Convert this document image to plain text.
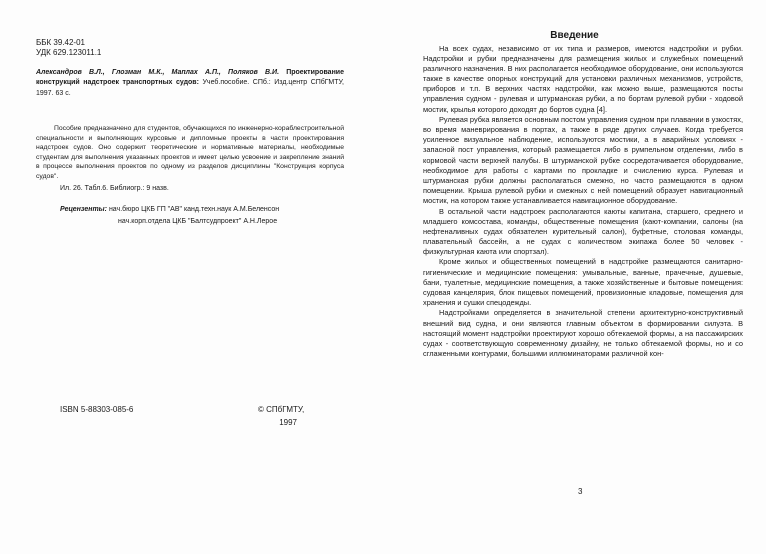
ББК 39.42-01
УДК 629.123011.1
Александров В.Л., Глозман М.К., Маплах А.П., Поляков В.И. Проектирование конструкций надстроек транспортных судов: Учеб.пособие. СПб.: Изд.центр СПбГМТУ, 1997. 63 с.

Пособие предназначено для студентов, обучающихся по инженерно-кораблестроительной специальности и выполняющих курсовые и дипломные проекты в части проектирования надстроек судов. Оно содержит теоретические и нормативные материалы, необходимые студентам для выполнения указанных проектов и имеет целью усвоение и закрепление знаний в процессе выполнения проектов по одному из разделов дисциплины "Конструкция корпуса судов".

Ил. 26. Табл.6. Библиогр.: 9 назв.
Рецензенты: нач.бюро ЦКБ ГП "АВ" канд.техн.наук А.М.Беленсон
нач.корп.отдела ЦКБ "Балтсудпроект" А.Н.Лерое
ISBN 5-88303-085-6	© СПбГМТУ,
1997
Введение

На всех судах, независимо от их типа и размеров, имеются надстройки и рубки. Надстройки и рубки предназначены для размещения жилых и служебных помещений различного назначения. В них располагается необходимое оборудование, они используются также в качестве опорных конструкций для установки различных механизмов, устройств, приборов и т.п. В верхних частях надстройки, как можно выше, размещаются посты управления судном - рулевая и штурманская рубки, а по бортам рулевой рубки - ходовой мостик, крылья которого доходят до бортов судна [4].

Рулевая рубка является основным постом управления судном при плавании в узкостях, во время маневрирования в портах, а также в ряде других случаев. Когда требуется усиленное визуальное наблюдение, используются мостики, а в аварийных условиях - запасной пост управления, который размещается либо в румпельном отделении, либо в кормовой части верхней палубы. В штурманской рубке сосредотачивается оборудование, необходимое для работы с картами по прокладке и счислению курса. Рулевая и штурманская рубки должны располагаться смежно, но часто размещаются в одном помещении. Крыша рулевой рубки и смежных с ней помещений образует навигационный мостик, на котором также устанавливается навигационное оборудование.

В остальной части надстроек располагаются каюты капитана, старшего, среднего и младшего комсостава, команды, общественные помещения (кают-компании, салоны (на нефтеналивных судах обязателен курительный салон), буфетные, столовая команды, плавательный бассейн, а не судах с количеством экипажа более 50 человек - физкультурная каюта или спортзал).

Кроме жилых и общественных помещений в надстройке размещаются санитарно-гигиенические и медицинские помещения: умывальные, ванные, прачечные, душевые, бани, туалетные, медицинские помещения, а также хозяйственные и бытовые помещения: судовая канцелярия, блок пищевых помещений, провизионные кладовые, помещения для хранения и сушки спецодежды.

Надстройками определяется в значительной степени архитектурно-конструктивный внешний вид судна, и они являются главным объектом в формировании силуэта. В настоящий момент надстройки проектируют хорошо обтекаемой формы, а на пассажирских судах - соответствующую современному дизайну, не только обтекаемой формы, но и со сглаженными контурами, большими иллюминаторами различной кон-

3
